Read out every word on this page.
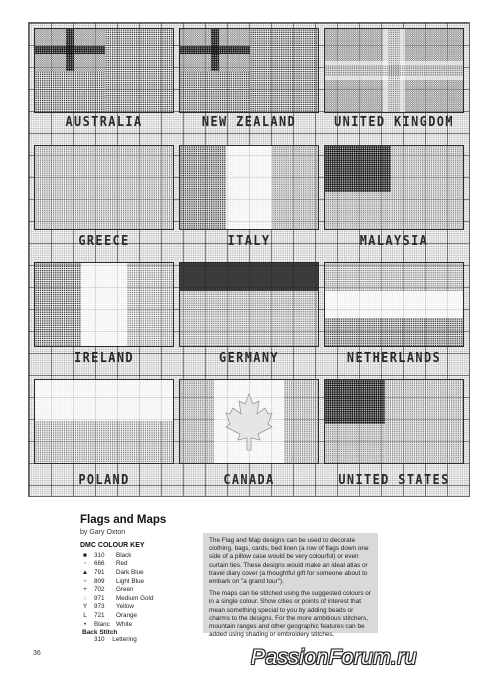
AUSTRALIA	NEW ZEALAND	UNITED KINGDOM
GREECE	ITALY	MALAYSIA
IRELAND	GERMANY	NETHERLANDS
POLAND	CANADA	UNITED STATES
Flags and Maps
by Gary Oxton
DMC COLOUR KEY
■	310	Black
◦	666	Red
▲ 791	Dark Blue
+	809	Light Blue
+	702	Green
◌	971	Medium Gold
Y	973	Yellow
L	721	Orange
•	Blanc White
Back Stitch
310 Lettering

The Flag and Map designs can be used to decorate clothing, bags, cards, bed linen (a row of flags down one side of a pillow case would be very colourful) or even curtain ties. These designs would make an ideal atlas or travel diary cover (a thoughtful gift for someone about to embark on "a grand tour").

The maps can be stitched using the suggested colours or in a single colour. Show cities or points of interest that mean something special to you by adding beads or charms to the designs. For the more ambitious stitchers, mountain ranges and other geographic features can be added using shading or embroidery stitches.

36	PassionForum.ru
